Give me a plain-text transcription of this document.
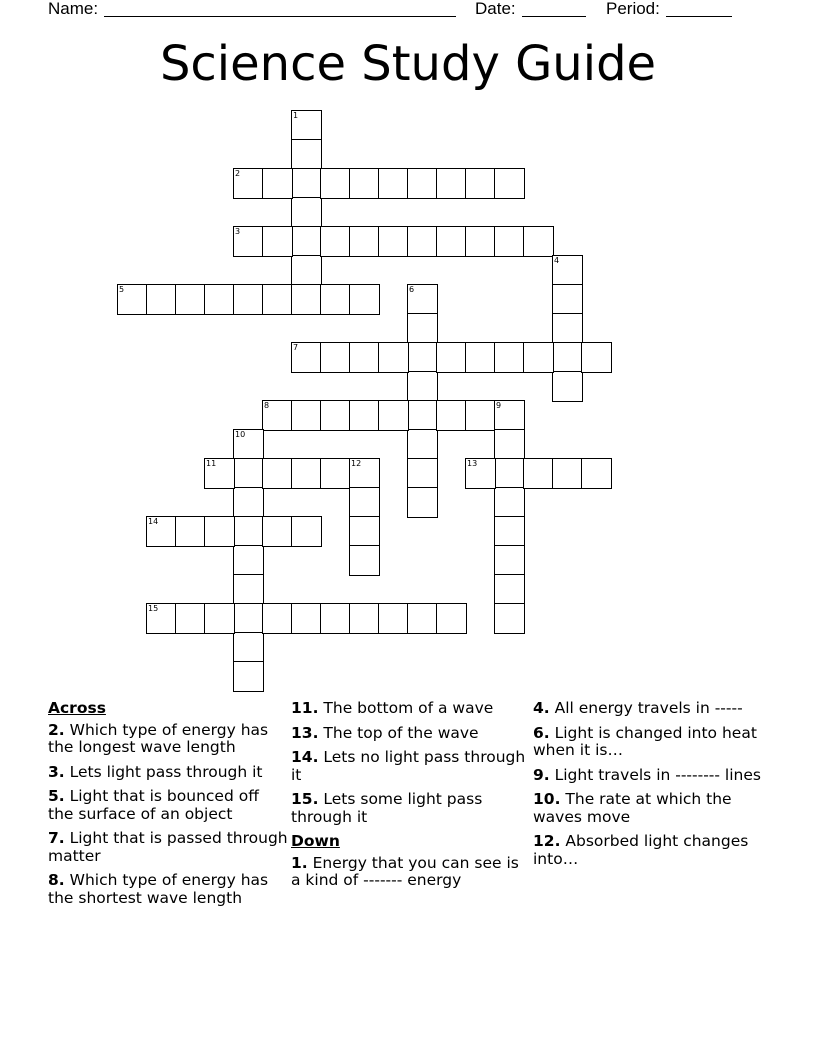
Name:	Date:	Period:
Science Study Guide
1
2
3
4
5	6
7
8	9
10
11	12	13
14
15
Across
2. Which type of energy has the longest wave length
3. Lets light pass through it
5. Light that is bounced off the surface of an object
7. Light that is passed through matter
8. Which type of energy has the shortest wave length
11. The bottom of a wave
13. The top of the wave
14. Lets no light pass through it
15. Lets some light pass through it
Down
1. Energy that you can see is a kind of ------- energy
4. All energy travels in -----
6. Light is changed into heat when it is…
9. Light travels in -------- lines
10. The rate at which the waves move
12. Absorbed light changes into…
